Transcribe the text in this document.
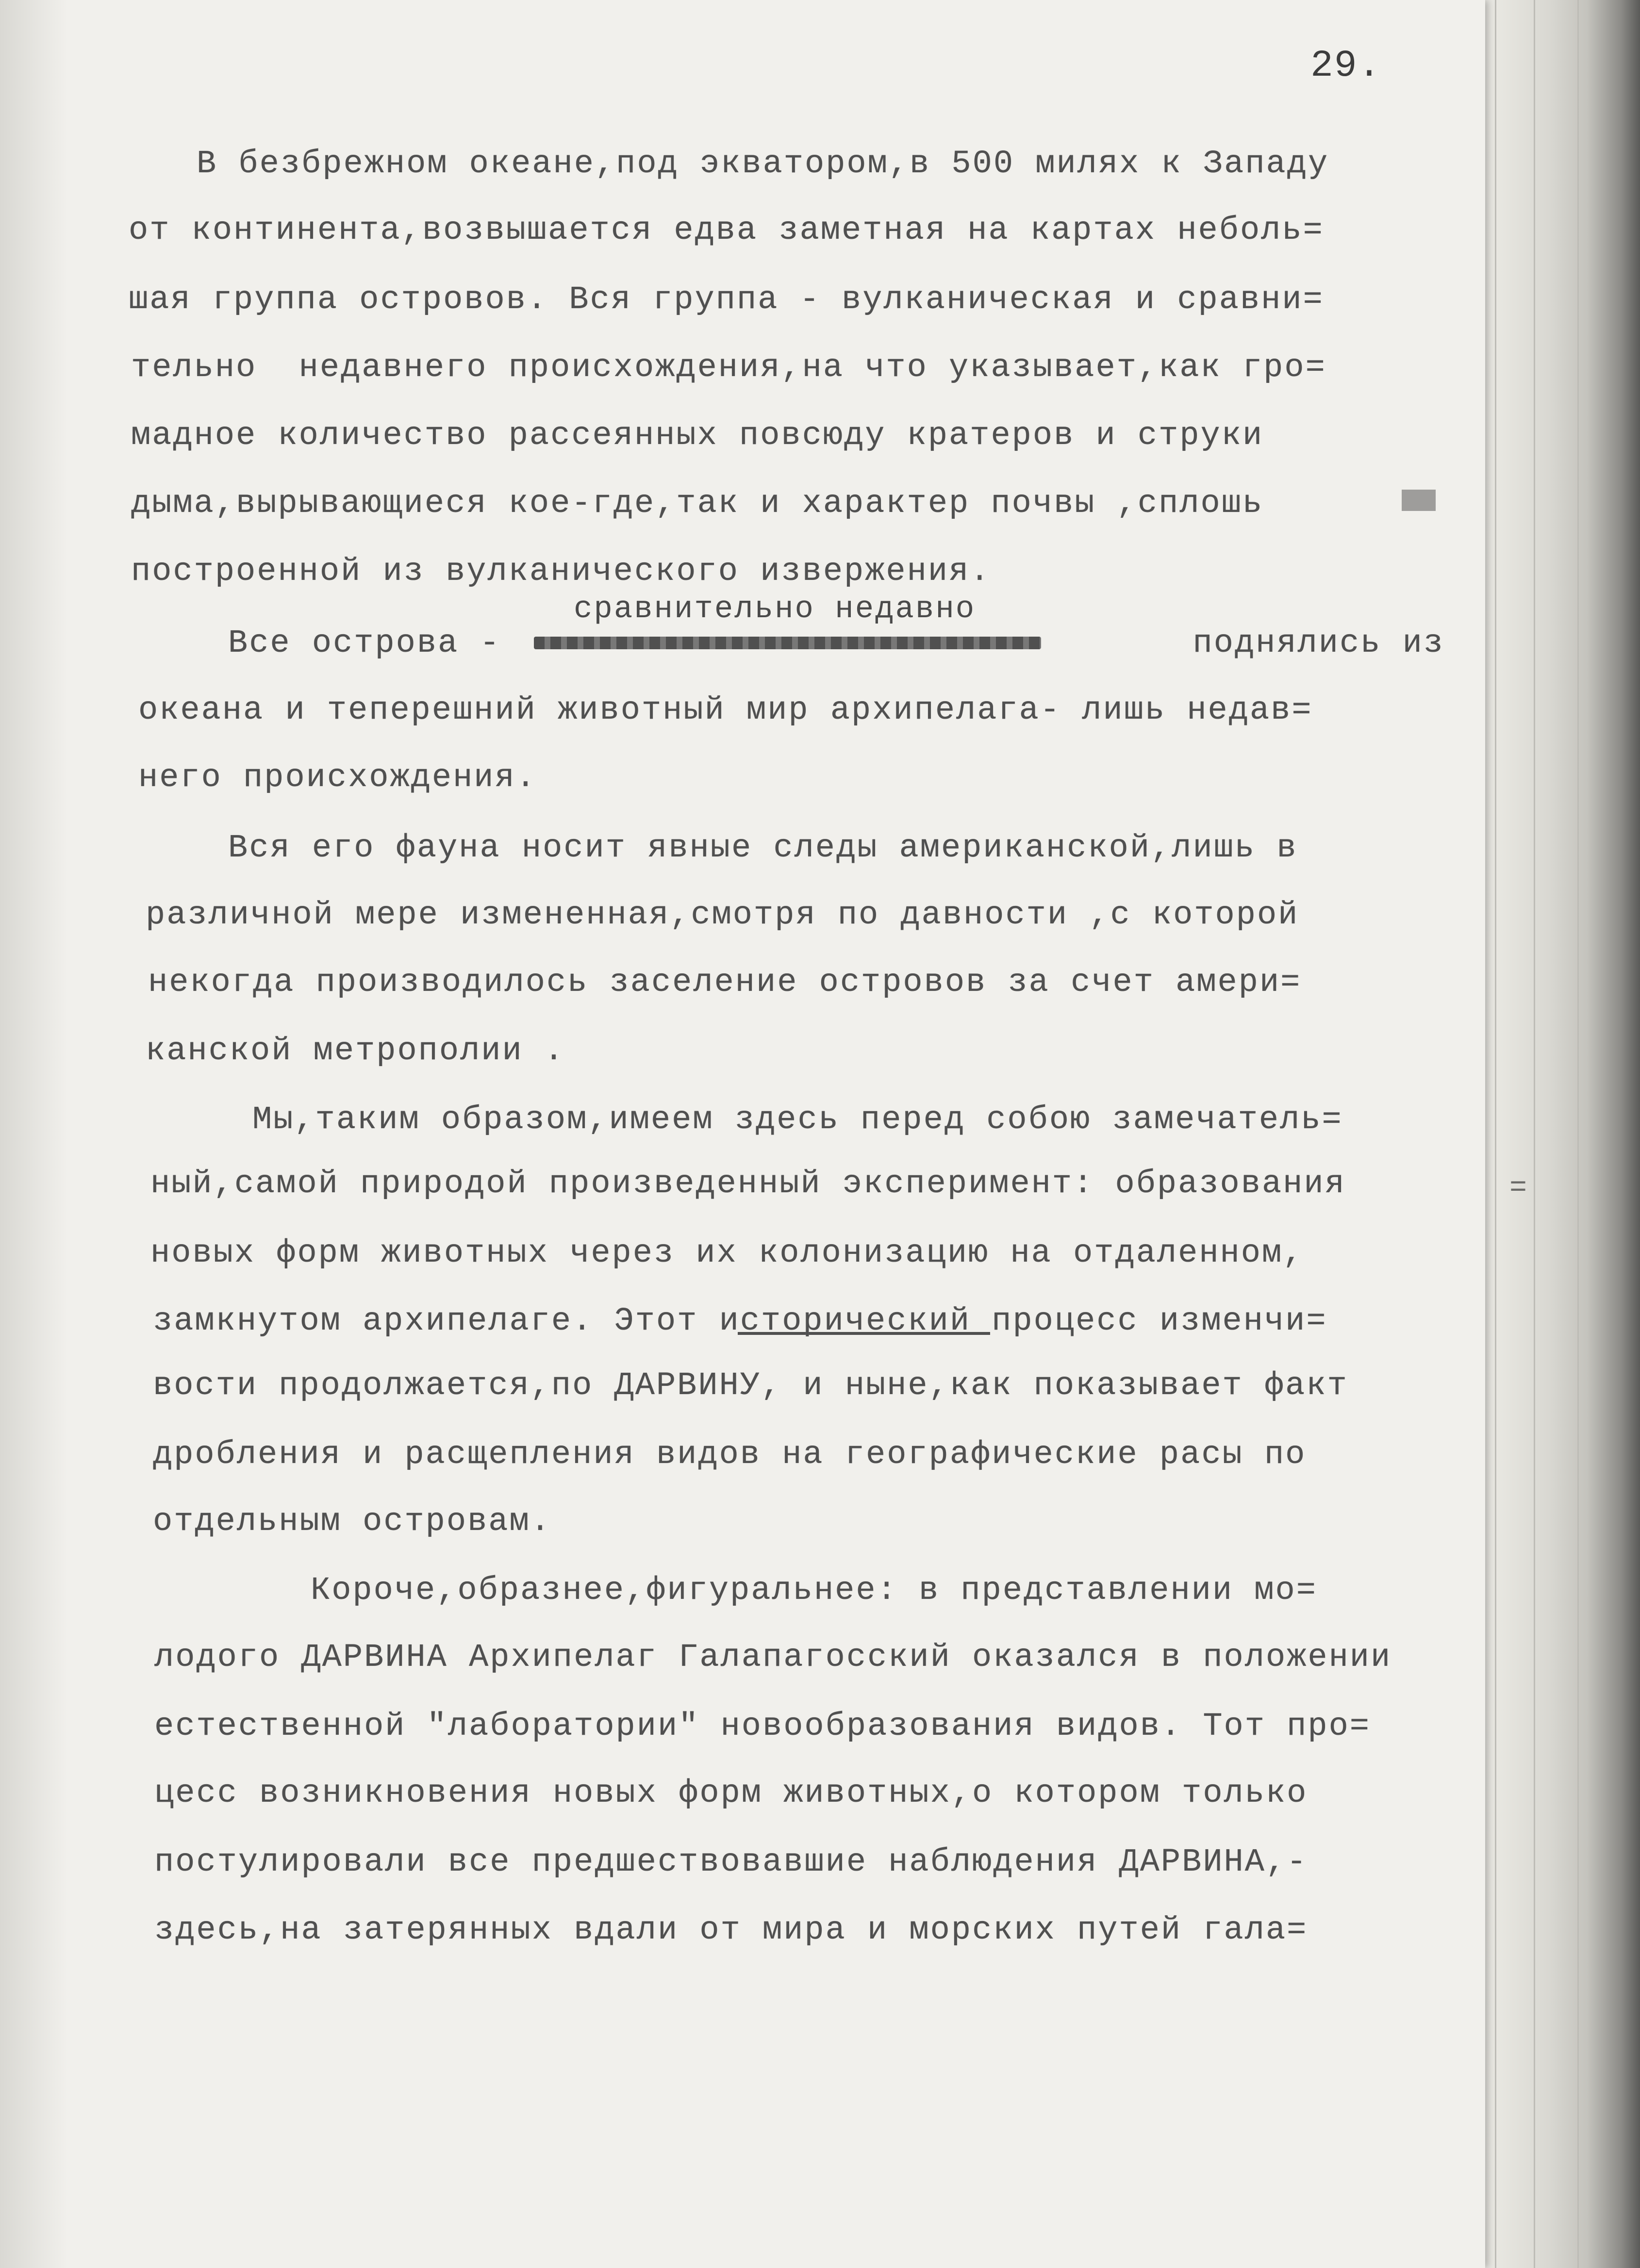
=
29.
сравнительно недавно
В безбрежном океане,под экватором,в 500 милях к Западу
от континента,возвышается едва заметная на картах неболь=
шая группа островов. Вся группа - вулканическая и сравни=
тельно  недавнего происхождения,на что указывает,как гро=
мадное количество рассеянных повсюду кратеров и струки
дыма,вырывающиеся кое-где,так и характер почвы ,сплошь
построенной из вулканического извержения.
Все острова -                                 поднялись из
океана и теперешний животный мир архипелага- лишь недав=
него происхождения.
Вся его фауна носит явные следы американской,лишь в
различной мере измененная,смотря по давности ,с которой
некогда производилось заселение островов за счет амери=
канской метрополии .
Мы,таким образом,имеем здесь перед собою замечатель=
ный,самой природой произведенный эксперимент: образования
новых форм животных через их колонизацию на отдаленном,
замкнутом архипелаге. Этот исторический процесс изменчи=
вости продолжается,по ДАРВИНУ, и ныне,как показывает факт
дробления и расщепления видов на географические расы по
отдельным островам.
Короче,образнее,фигуральнее: в представлении мо=
лодого ДАРВИНА Архипелаг Галапагосский оказался в положении
естественной "лаборатории" новообразования видов. Тот про=
цесс возникновения новых форм животных,о котором только
постулировали все предшествовавшие наблюдения ДАРВИНА,-
здесь,на затерянных вдали от мира и морских путей гала=
